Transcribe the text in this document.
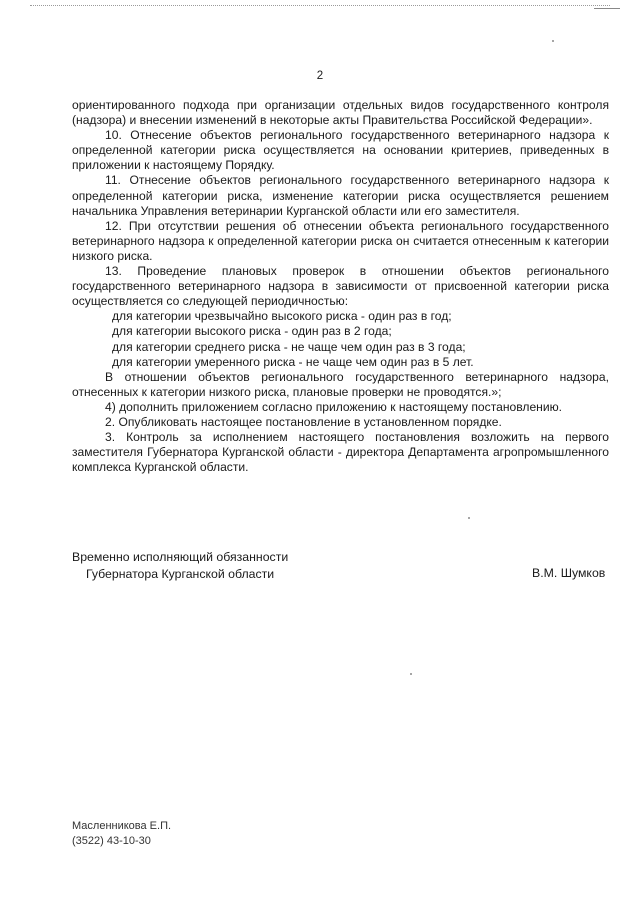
2

ориентированного подхода при организации отдельных видов государственного контроля (надзора) и внесении изменений в некоторые акты Правительства Российской Федерации».

10. Отнесение объектов регионального государственного ветеринарного надзора к определенной категории риска осуществляется на основании критериев, приведенных в приложении к настоящему Порядку.

11. Отнесение объектов регионального государственного ветеринарного надзора к определенной категории риска, изменение категории риска осуществляется решением начальника Управления ветеринарии Курганской области или его заместителя.

12. При отсутствии решения об отнесении объекта регионального государственного ветеринарного надзора к определенной категории риска он считается отнесенным к категории низкого риска.

13. Проведение плановых проверок в отношении объектов регионального государственного ветеринарного надзора в зависимости от присвоенной категории риска осуществляется со следующей периодичностью:

для категории чрезвычайно высокого риска - один раз в год;

для категории высокого риска - один раз в 2 года;

для категории среднего риска - не чаще чем один раз в 3 года;

для категории умеренного риска - не чаще чем один раз в 5 лет.

В отношении объектов регионального государственного ветеринарного надзора, отнесенных к категории низкого риска, плановые проверки не проводятся.»;

4) дополнить приложением согласно приложению к настоящему постановлению.

2. Опубликовать настоящее постановление в установленном порядке.

3. Контроль за исполнением настоящего постановления возложить на первого заместителя Губернатора Курганской области - директора Департамента агропромышленного комплекса Курганской области.

Временно исполняющий обязанности
Губернатора Курганской области	В.М. Шумков
Масленникова Е.П.
(3522) 43-10-30
